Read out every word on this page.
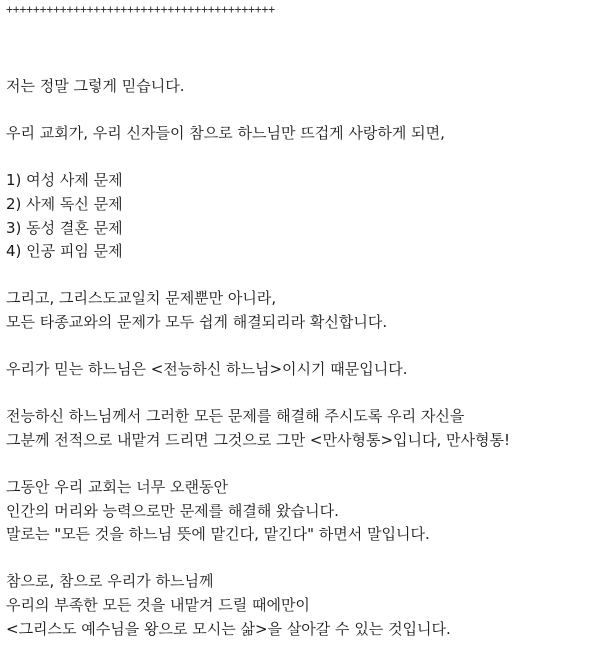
++++++++++++++++++++++++++++++++++++++++

저는 정말 그렇게 믿습니다.

우리 교회가, 우리 신자들이 참으로 하느님만 뜨겁게 사랑하게 되면,

1) 여성 사제 문제

2) 사제 독신 문제

3) 동성 결혼 문제

4) 인공 피임 문제

그리고, 그리스도교일치 문제뿐만 아니라,

모든 타종교와의 문제가 모두 쉽게 해결되리라 확신합니다.

우리가 믿는 하느님은 <전능하신 하느님>이시기 때문입니다.

전능하신 하느님께서 그러한 모든 문제를 해결해 주시도록 우리 자신을

그분께 전적으로 내맡겨 드리면 그것으로 그만 <만사형통>입니다, 만사형통!

그동안 우리 교회는 너무 오랜동안

인간의 머리와 능력으로만 문제를 해결해 왔습니다.

말로는 "모든 것을 하느님 뜻에 맡긴다, 맡긴다" 하면서 말입니다.

참으로, 참으로 우리가 하느님께

우리의 부족한 모든 것을 내맡겨 드릴 때에만이

<그리스도 예수님을 왕으로 모시는 삶>을 살아갈 수 있는 것입니다.
